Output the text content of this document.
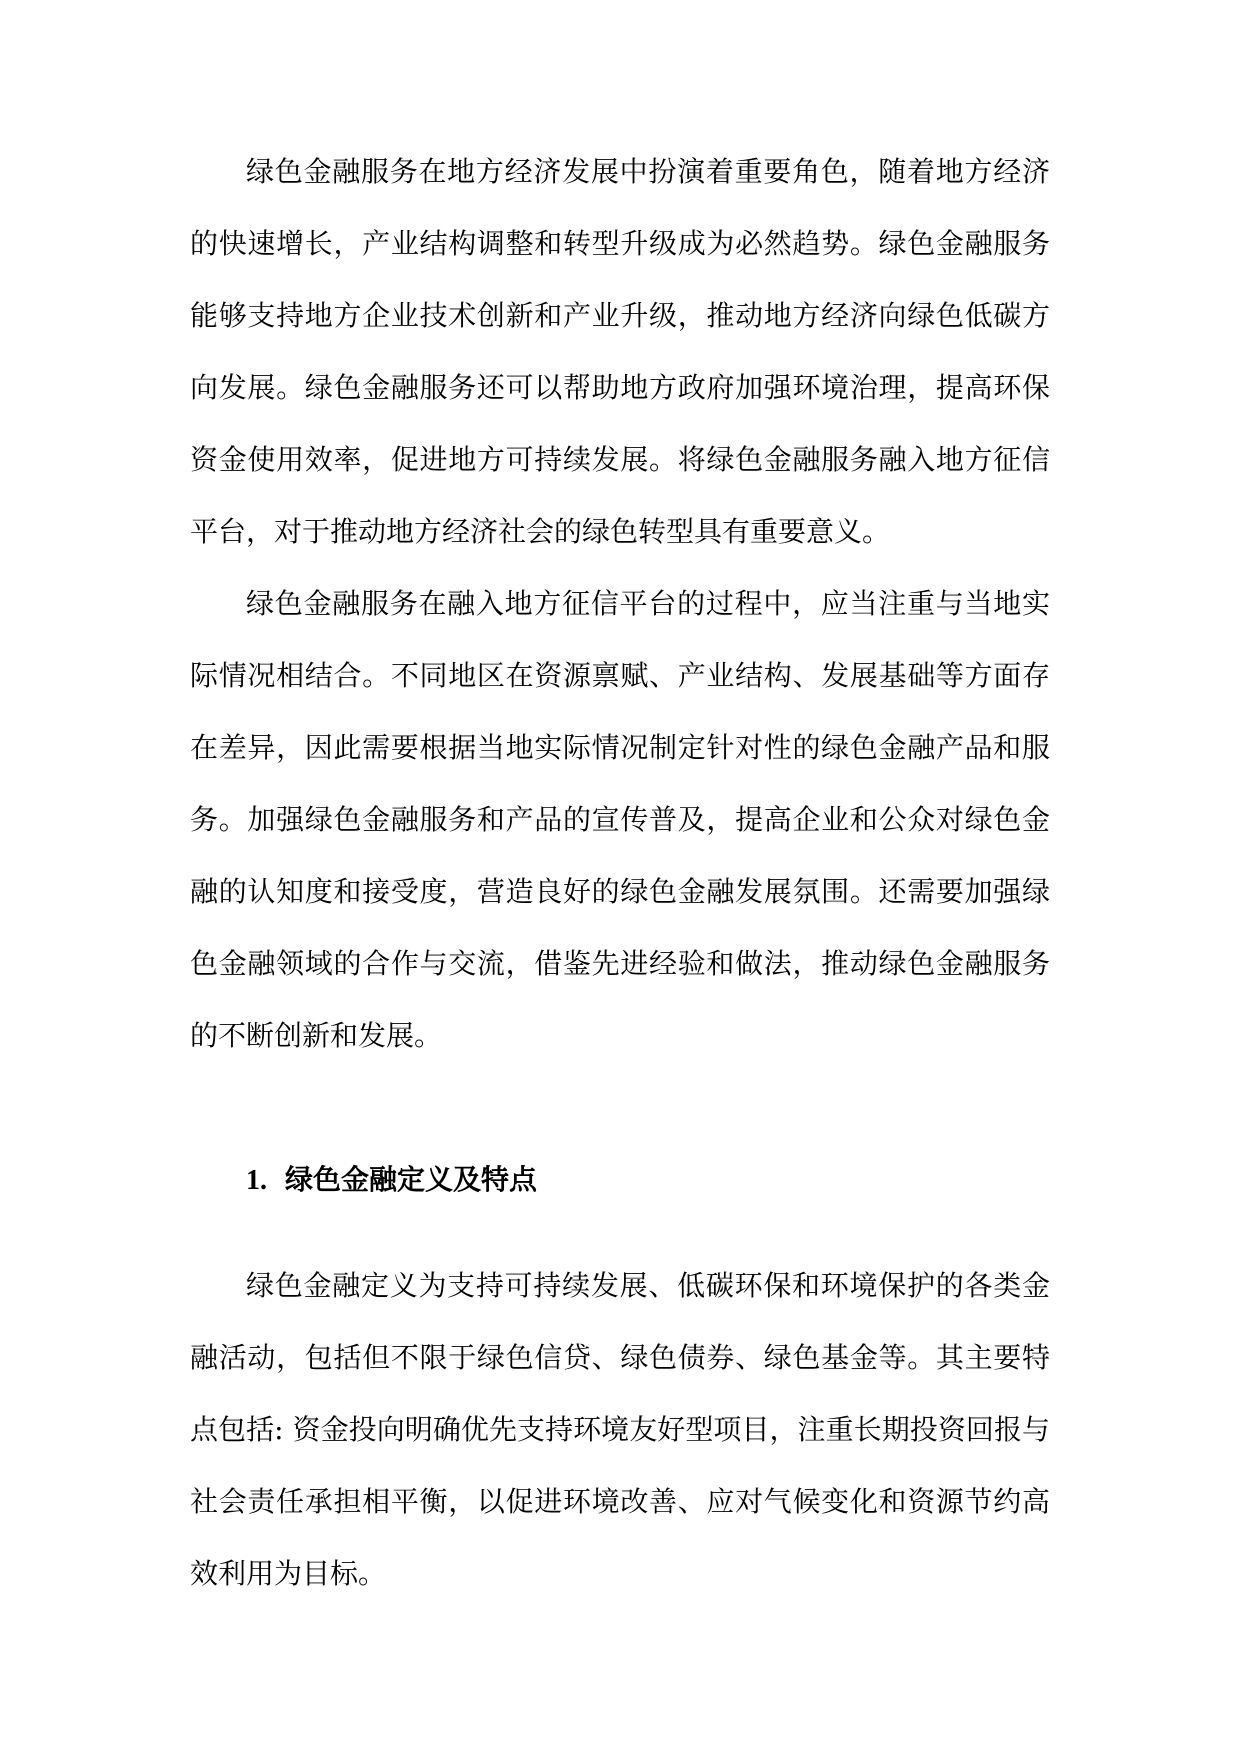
绿色金融服务在地方经济发展中扮演着重要角色，随着地方经济的快速增长，产业结构调整和转型升级成为必然趋势。绿色金融服务能够支持地方企业技术创新和产业升级，推动地方经济向绿色低碳方向发展。绿色金融服务还可以帮助地方政府加强环境治理，提高环保资金使用效率，促进地方可持续发展。将绿色金融服务融入地方征信平台，对于推动地方经济社会的绿色转型具有重要意义。

绿色金融服务在融入地方征信平台的过程中，应当注重与当地实际情况相结合。不同地区在资源禀赋、产业结构、发展基础等方面存在差异，因此需要根据当地实际情况制定针对性的绿色金融产品和服务。加强绿色金融服务和产品的宣传普及，提高企业和公众对绿色金融的认知度和接受度，营造良好的绿色金融发展氛围。还需要加强绿色金融领域的合作与交流，借鉴先进经验和做法，推动绿色金融服务的不断创新和发展。

1. 绿色金融定义及特点

绿色金融定义为支持可持续发展、低碳环保和环境保护的各类金融活动，包括但不限于绿色信贷、绿色债券、绿色基金等。其主要特点包括: 资金投向明确优先支持环境友好型项目，注重长期投资回报与社会责任承担相平衡，以促进环境改善、应对气候变化和资源节约高效利用为目标。
